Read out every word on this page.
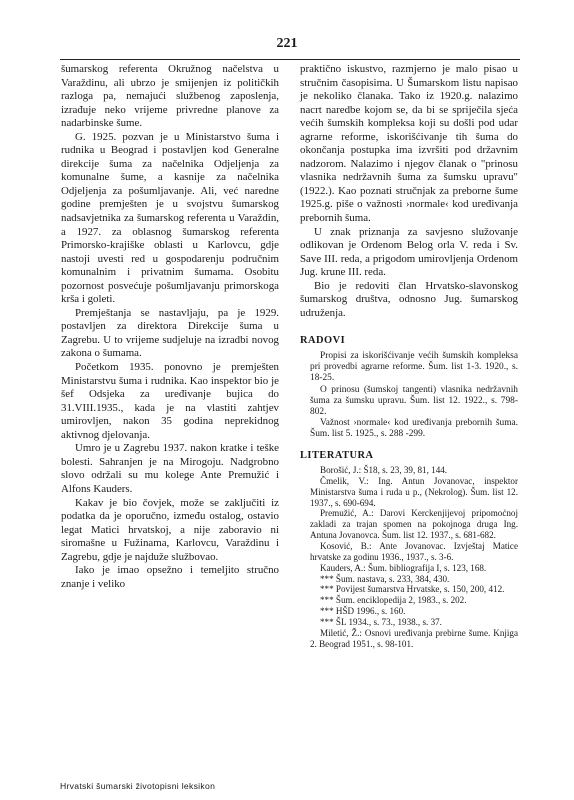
221

šumarskog referenta Okružnog načelstva u Varaždinu, ali ubrzo je smijenjen iz političkih razloga pa, nemajući službenog zaposlenja, izrađuje neko vrijeme privredne planove za nadarbinske šume.

G. 1925. pozvan je u Ministarstvo šuma i rudnika u Beograd i postavljen kod Generalne direkcije šuma za načelnika Odjeljenja za komunalne šume, a kasnije za načelnika Odjeljenja za pošumljavanje. Ali, već naredne godine premješten je u svojstvu šumarskog nadsavjetnika za šumarskog referenta u Varaždin, a 1927. za oblasnog šumarskog referenta Primorsko-krajiške oblasti u Karlovcu, gdje nastoji uvesti red u gospodarenju područnim komunalnim i privatnim šumama. Osobitu pozornost posvećuje pošumljavanju primorskoga krša i goleti.

Premještanja se nastavljaju, pa je 1929. postavljen za direktora Direkcije šuma u Zagrebu. U to vrijeme sudjeluje na izradbi novog zakona o šumama.

Početkom 1935. ponovno je premješten Ministarstvu šuma i rudnika. Kao inspektor bio je šef Odsjeka za uređivanje bujica do 31.VIII.1935., kada je na vlastiti zahtjev umirovljen, nakon 35 godina neprekidnog aktivnog djelovanja.

Umro je u Zagrebu 1937. nakon kratke i teške bolesti. Sahranjen je na Mirogoju. Nadgrobno slovo održali su mu kolege Ante Premužić i Alfons Kauders.

Kakav je bio čovjek, može se zaključiti iz podatka da je oporučno, između ostalog, ostavio legat Matici hrvatskoj, a nije zaboravio ni siromašne u Fužinama, Karlovcu, Varaždinu i Zagrebu, gdje je najduže službovao.

Iako je imao opsežno i temeljito stručno znanje i veliko

praktično iskustvo, razmjerno je malo pisao u stručnim časopisima. U Šumarskom listu napisao je nekoliko članaka. Tako iz 1920.g. nalazimo nacrt naredbe kojom se, da bi se spriječila sjeća većih šumskih kompleksa koji su došli pod udar agrarne reforme, iskorišćivanje tih šuma do okončanja postupka ima izvršiti pod državnim nadzorom. Nalazimo i njegov članak o "prinosu vlasnika nedržavnih šuma za šumsku upravu" (1922.). Kao poznati stručnjak za preborne šume 1925.g. piše o važnosti ›normale‹ kod uređivanja prebornih šuma.

U znak priznanja za savjesno služovanje odlikovan je Ordenom Belog orla V. reda i Sv. Save III. reda, a prigodom umirovljenja Ordenom Jug. krune III. reda.

Bio je redoviti član Hrvatsko-slavonskog šumarskog društva, odnosno Jug. šumarskog udruženja.

RADOVI

Propisi za iskorišćivanje većih šumskih kompleksa pri provedbi agrarne reforme. Šum. list 1-3. 1920., s. 18-25.

O prinosu (šumskoj tangenti) vlasnika nedržavnih šuma za šumsku upravu. Šum. list 12. 1922., s. 798-802.

Važnost ›normale‹ kod uređivanja prebornih šuma. Šum. list 5. 1925., s. 288 -299.

LITERATURA

Borošić, J.: Š18, s. 23, 39, 81, 144.

Čmelik, V.: Ing. Antun Jovanovac, inspektor Ministarstva šuma i ruda u p., (Nekrolog). Šum. list 12. 1937., s. 690-694.

Premužić, A.: Darovi Kerckenjijevoj pripomoćnoj zakladi za trajan spomen na pokojnoga druga Ing. Antuna Jovanovca. Šum. list 12. 1937., s. 681-682.

Kosović, B.: Ante Jovanovac. Izvještaj Matice hrvatske za godinu 1936., 1937., s. 3-6.

Kauders, A.: Šum. bibliografija I, s. 123, 168.

*** Šum. nastava, s. 233, 384, 430.

*** Povijest šumarstva Hrvatske, s. 150, 200, 412.

*** Šum. enciklopedija 2, 1983., s. 202.

*** HŠD 1996., s. 160.

*** ŠL 1934., s. 73., 1938., s. 37.

Miletić, Ž.: Osnovi uređivanja prebirne šume. Knjiga 2. Beograd 1951., s. 98-101.

Hrvatski šumarski životopisni leksikon
